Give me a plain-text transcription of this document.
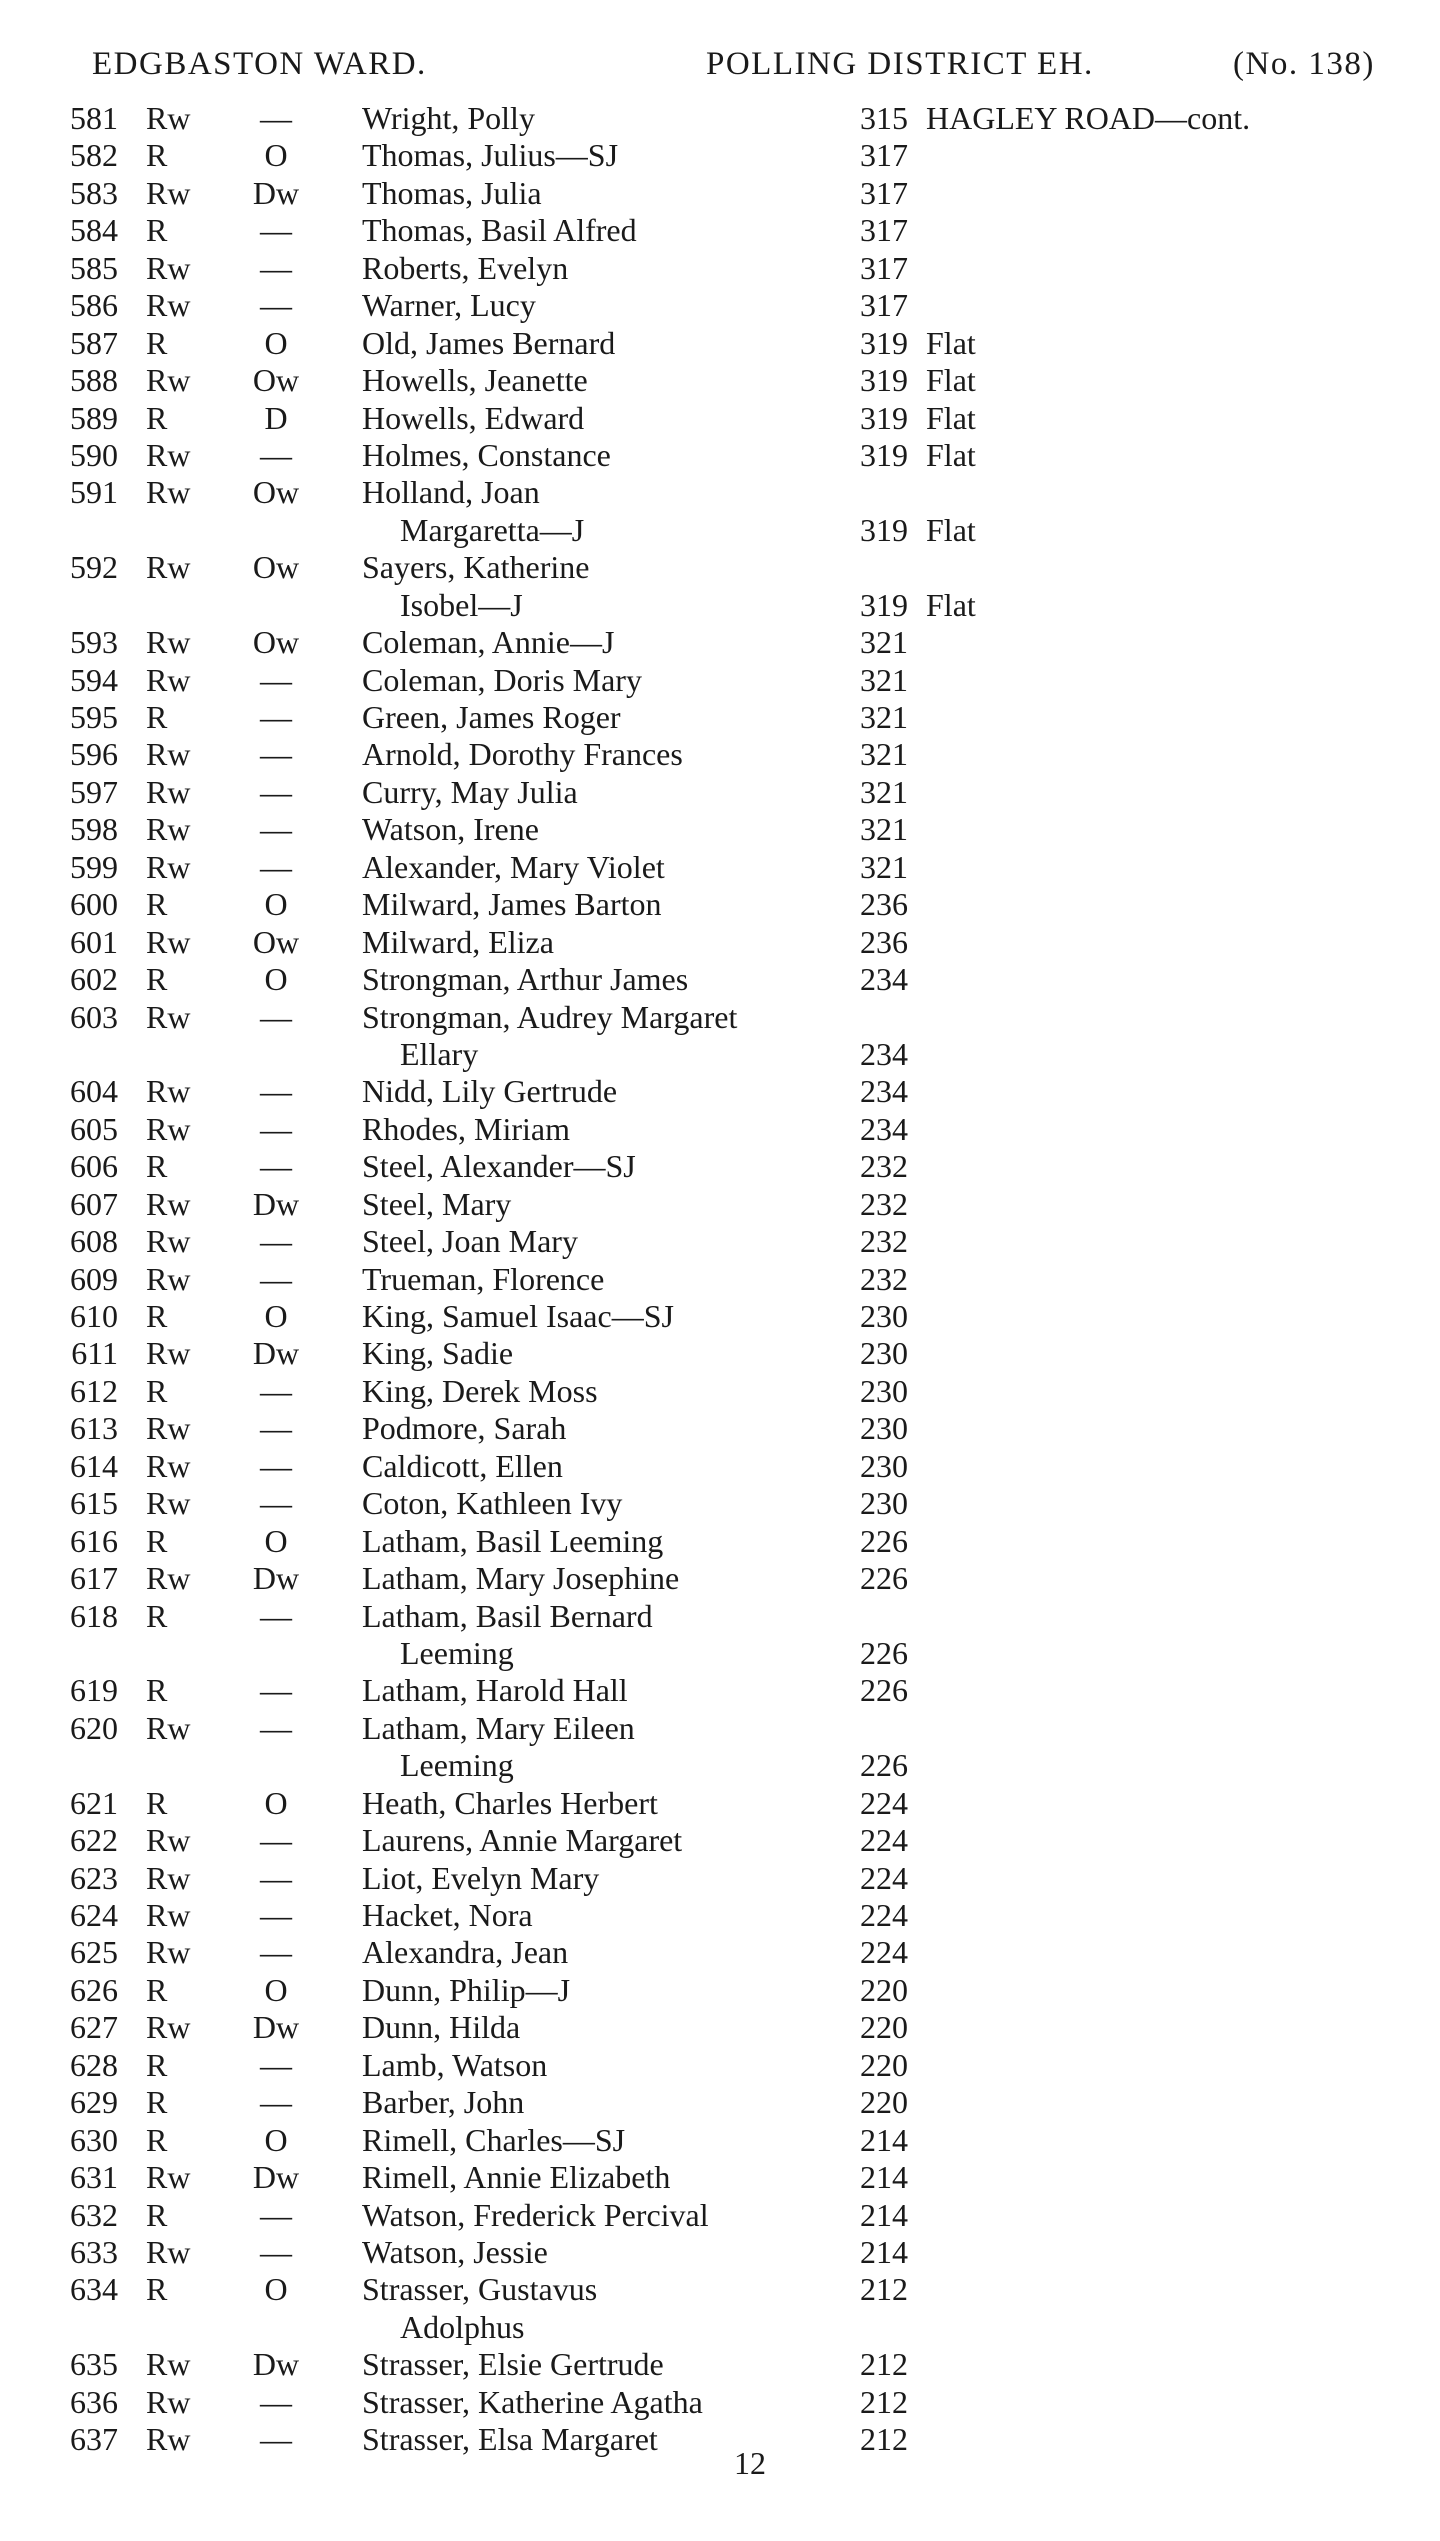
EDGBASTON WARD.	POLLING DISTRICT EH.	(No. 138)
581 Rw	—	Wright, Polly	315 HAGLEY ROAD—cont.
582 R	O	Thomas, Julius—SJ	317
583 Rw Dw Thomas, Julia	317
584 R	—	Thomas, Basil Alfred	317
585 Rw	—	Roberts, Evelyn	317
586 Rw	—	Warner, Lucy	317
587 R	O	Old, James Bernard	319 Flat
588 Rw Ow Howells, Jeanette	319 Flat
589 R	D	Howells, Edward	319 Flat
590 Rw	—	Holmes, Constance	319 Flat
591 Rw Ow Holland, Joan
Margaretta—J	319 Flat
592 Rw Ow Sayers, Katherine
Isobel—J	319 Flat
593 Rw Ow Coleman, Annie—J	321
594 Rw	—	Coleman, Doris Mary	321
595 R	—	Green, James Roger	321
596 Rw	—	Arnold, Dorothy Frances	321
597 Rw	—	Curry, May Julia	321
598 Rw	—	Watson, Irene	321
599 Rw	—	Alexander, Mary Violet	321
600 R	O	Milward, James Barton	236
601 Rw Ow Milward, Eliza	236
602 R	O	Strongman, Arthur James	234
603 Rw	—	Strongman, Audrey Margaret
Ellary	234
604 Rw	—	Nidd, Lily Gertrude	234
605 Rw	—	Rhodes, Miriam	234
606 R	—	Steel, Alexander—SJ	232
607 Rw Dw Steel, Mary	232
608 Rw	—	Steel, Joan Mary	232
609 Rw	—	Trueman, Florence	232
610 R	O	King, Samuel Isaac—SJ	230
611 Rw Dw King, Sadie	230
612 R	—	King, Derek Moss	230
613 Rw	—	Podmore, Sarah	230
614 Rw	—	Caldicott, Ellen	230
615 Rw	—	Coton, Kathleen Ivy	230
616 R	O	Latham, Basil Leeming	226
617 Rw Dw Latham, Mary Josephine	226
618 R	—	Latham, Basil Bernard
Leeming	226
619 R	—	Latham, Harold Hall	226
620 Rw	—	Latham, Mary Eileen
Leeming	226
621 R	O	Heath, Charles Herbert	224
622 Rw	—	Laurens, Annie Margaret	224
623 Rw	—	Liot, Evelyn Mary	224
624 Rw	—	Hacket, Nora	224
625 Rw	—	Alexandra, Jean	224
626 R	O	Dunn, Philip—J	220
627 Rw Dw Dunn, Hilda	220
628 R	—	Lamb, Watson	220
629 R	—	Barber, John	220
630 R	O	Rimell, Charles—SJ	214
631 Rw Dw Rimell, Annie Elizabeth	214
632 R	—	Watson, Frederick Percival	214
633 Rw	—	Watson, Jessie	214
634 R	O	Strasser, Gustavus	212
Adolphus
635 Rw Dw Strasser, Elsie Gertrude	212
636 Rw	—	Strasser, Katherine Agatha	212
637 Rw	—	Strasser, Elsa Margaret	212
12
